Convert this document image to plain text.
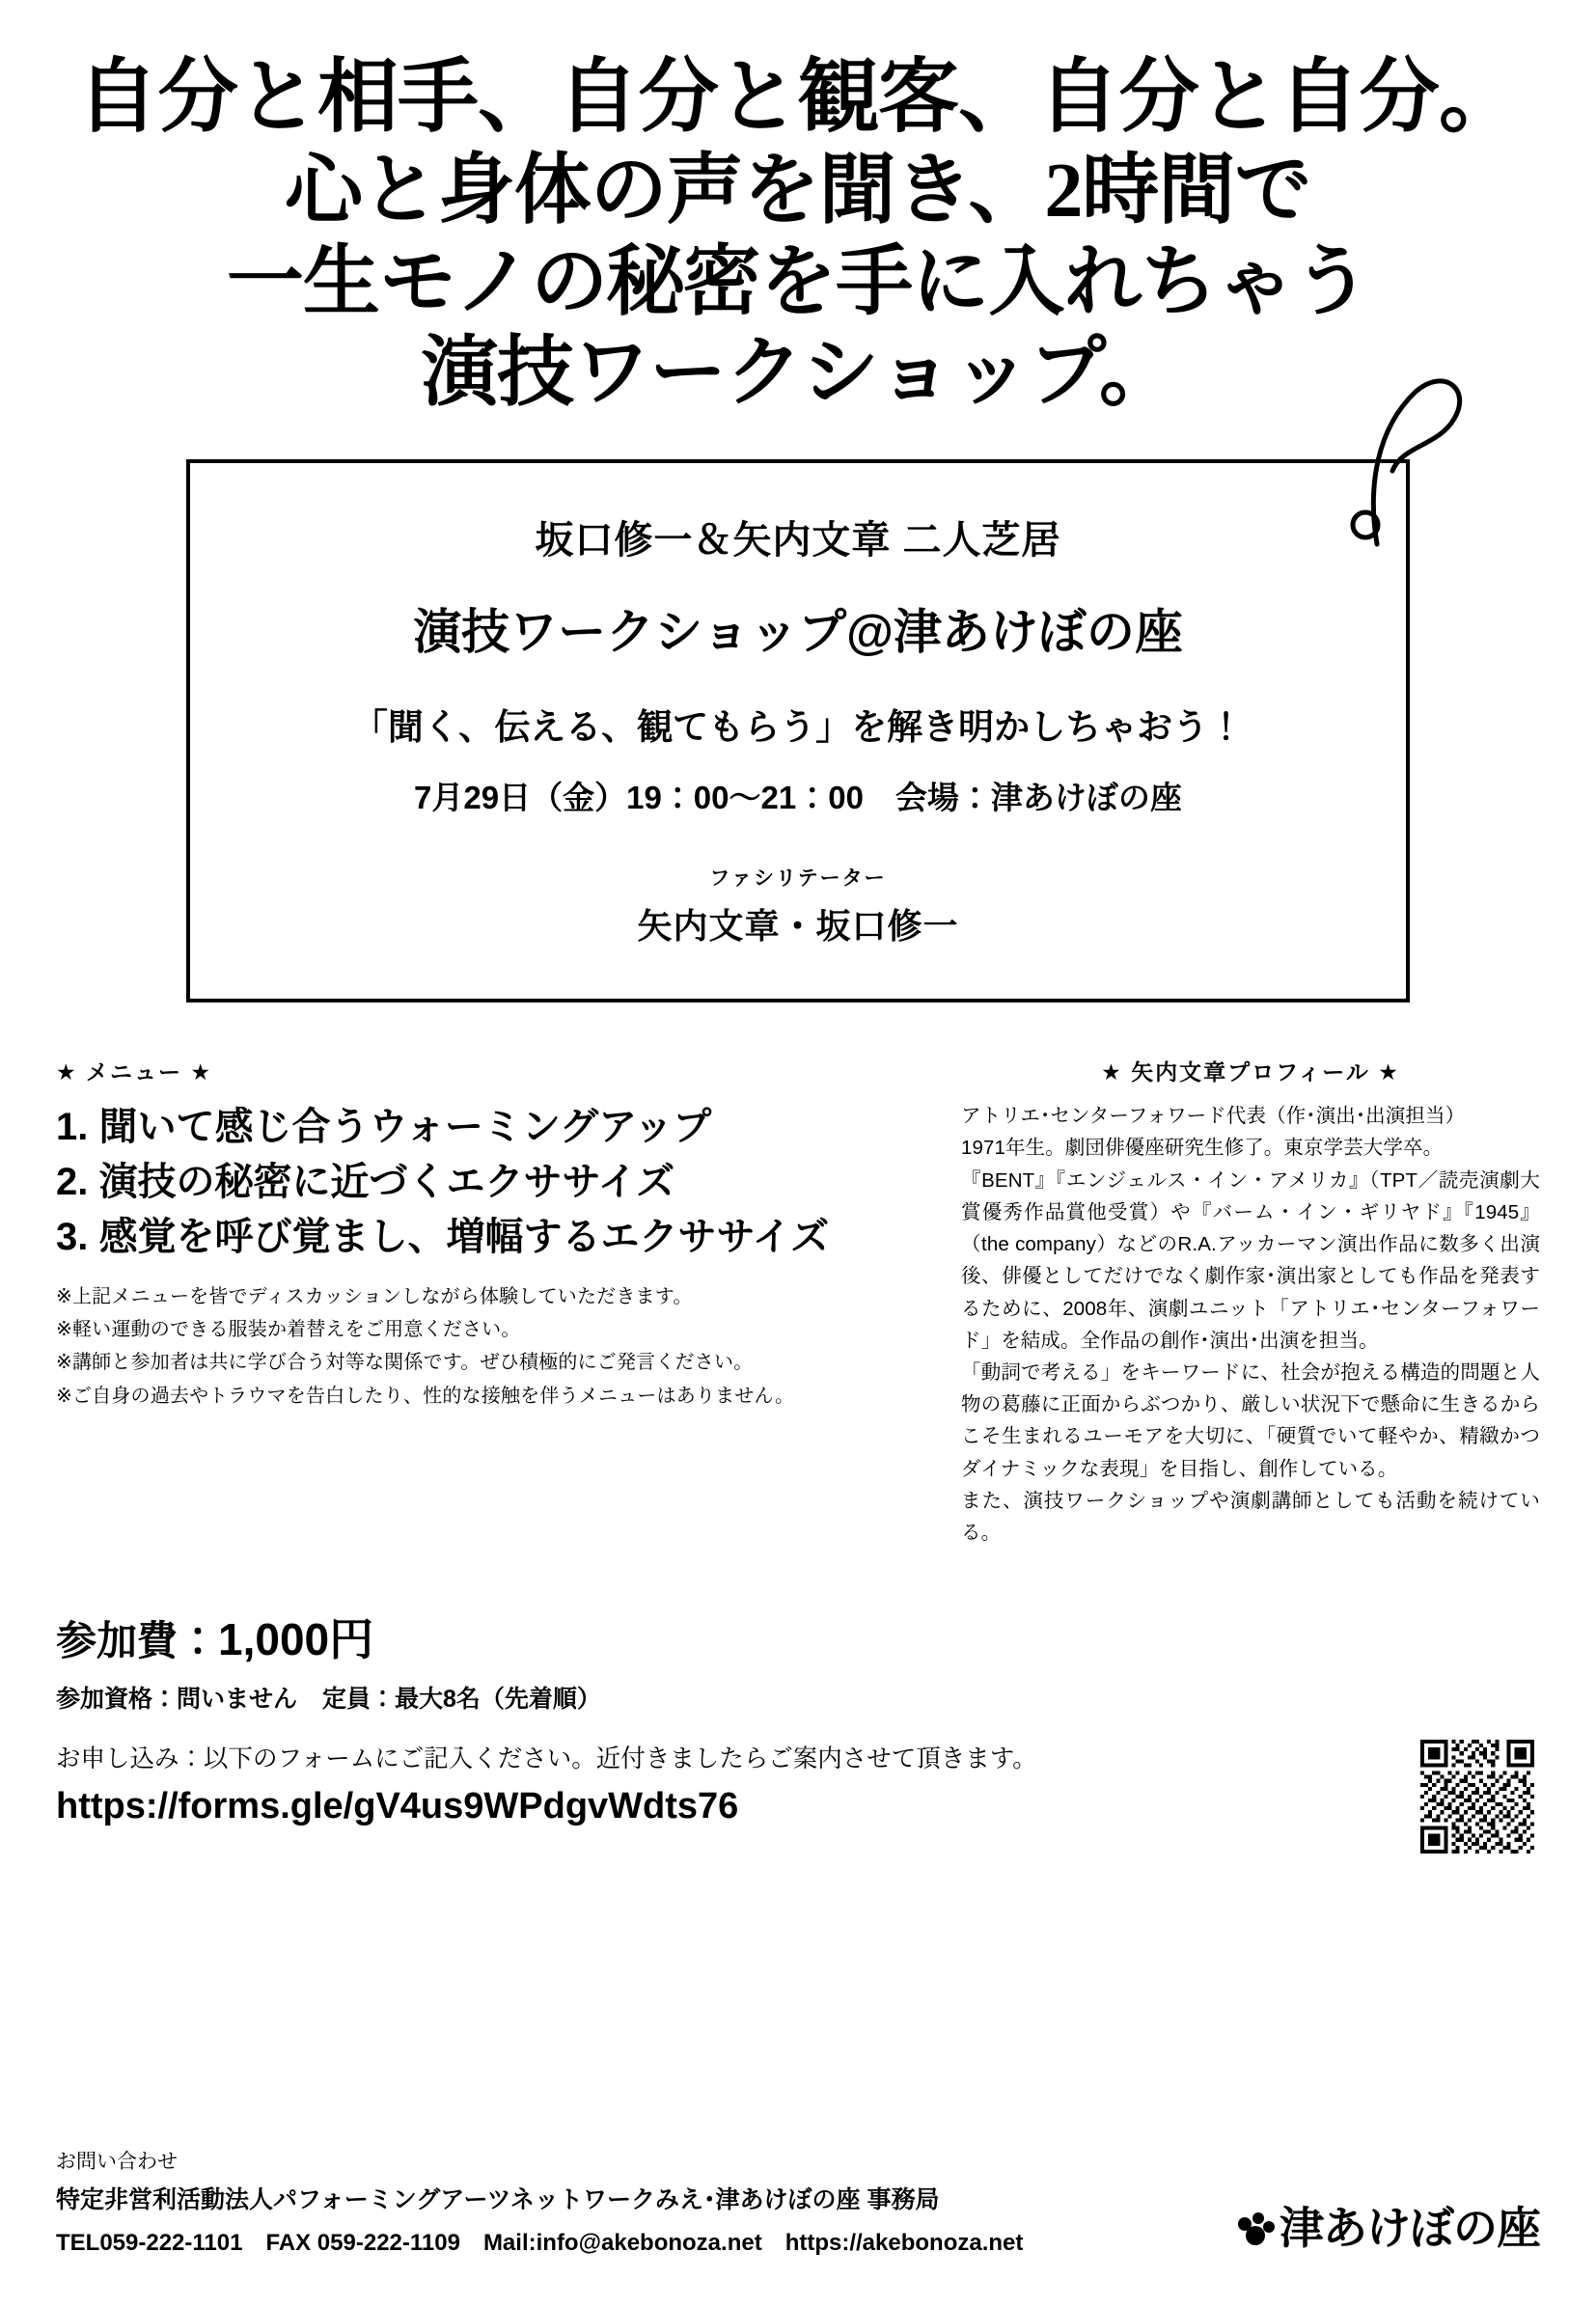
自分と相手、自分と観客、自分と自分。
心と身体の声を聞き、2時間で
一生モノの秘密を手に入れちゃう
演技ワークショップ。
坂口修一＆矢内文章 二人芝居
演技ワークショップ@津あけぼの座
「聞く、伝える、観てもらう」を解き明かしちゃおう！
7月29日（金）19：00〜21：00　会場：津あけぼの座
ファシリテーター
矢内文章・坂口修一
★ メニュー ★
1. 聞いて感じ合うウォーミングアップ
2. 演技の秘密に近づくエクササイズ
3. 感覚を呼び覚まし、増幅するエクササイズ
※上記メニューを皆でディスカッションしながら体験していただきます。
※軽い運動のできる服装か着替えをご用意ください。
※講師と参加者は共に学び合う対等な関係です。ぜひ積極的にご発言ください。
※ご自身の過去やトラウマを告白したり、性的な接触を伴うメニューはありません。
★ 矢内文章プロフィール ★

アトリエ･センターフォワード代表（作･演出･出演担当）

1971年生。劇団俳優座研究生修了。東京学芸大学卒。

『BENT』『エンジェルス・イン・アメリカ』（TPT／読売演劇大賞優秀作品賞他受賞）や『バーム・イン・ギリヤド』『1945』（the company）などのR.A.アッカーマン演出作品に数多く出演後、俳優としてだけでなく劇作家･演出家としても作品を発表するために、2008年、演劇ユニット「アトリエ･センターフォワード」を結成。全作品の創作･演出･出演を担当。

「動詞で考える」をキーワードに、社会が抱える構造的問題と人物の葛藤に正面からぶつかり、厳しい状況下で懸命に生きるからこそ生まれるユーモアを大切に、「硬質でいて軽やか、精緻かつダイナミックな表現」を目指し、創作している。

また、演技ワークショップや演劇講師としても活動を続けている。

参加費：1,000円
参加資格：問いません 定員：最大8名（先着順）
お申し込み：以下のフォームにご記入ください。近付きましたらご案内させて頂きます。
https://forms.gle/gV4us9WPdgvWdts76
お問い合わせ
特定非営利活動法人パフォーミングアーツネットワークみえ･津あけぼの座 事務局
TEL059-222-1101　FAX 059-222-1109　Mail:info@akebonoza.net　https://akebonoza.net	津あけぼの座
